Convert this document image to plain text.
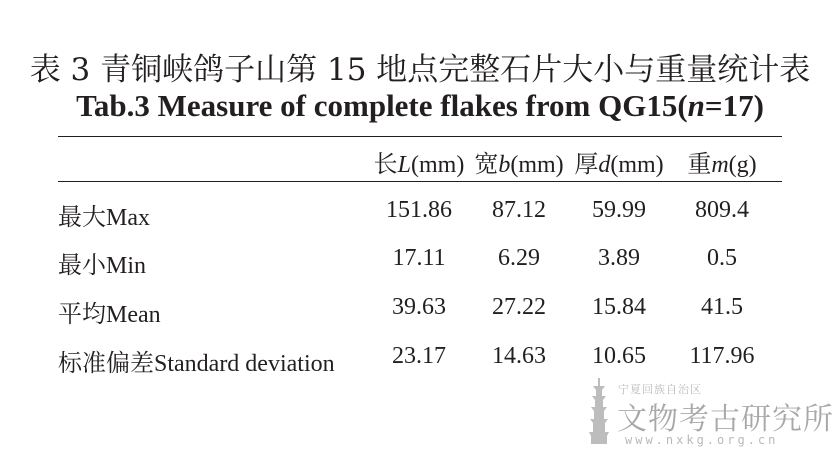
表 3 青铜峡鸽子山第 15 地点完整石片大小与重量统计表
Tab.3 Measure of complete flakes from QG15(n=17)
长L(mm) 宽b(mm) 厚d(mm) 重m(g)
最大Max	151.86 87.12 59.99 809.4
最小Min	17.11 6.29 3.89	0.5
平均Mean	39.63 27.22 15.84 41.5
标准偏差Standard deviation 23.17 14.63 10.65 117.96
宁夏回族自治区
文物考古研究所
www.nxkg.org.cn
